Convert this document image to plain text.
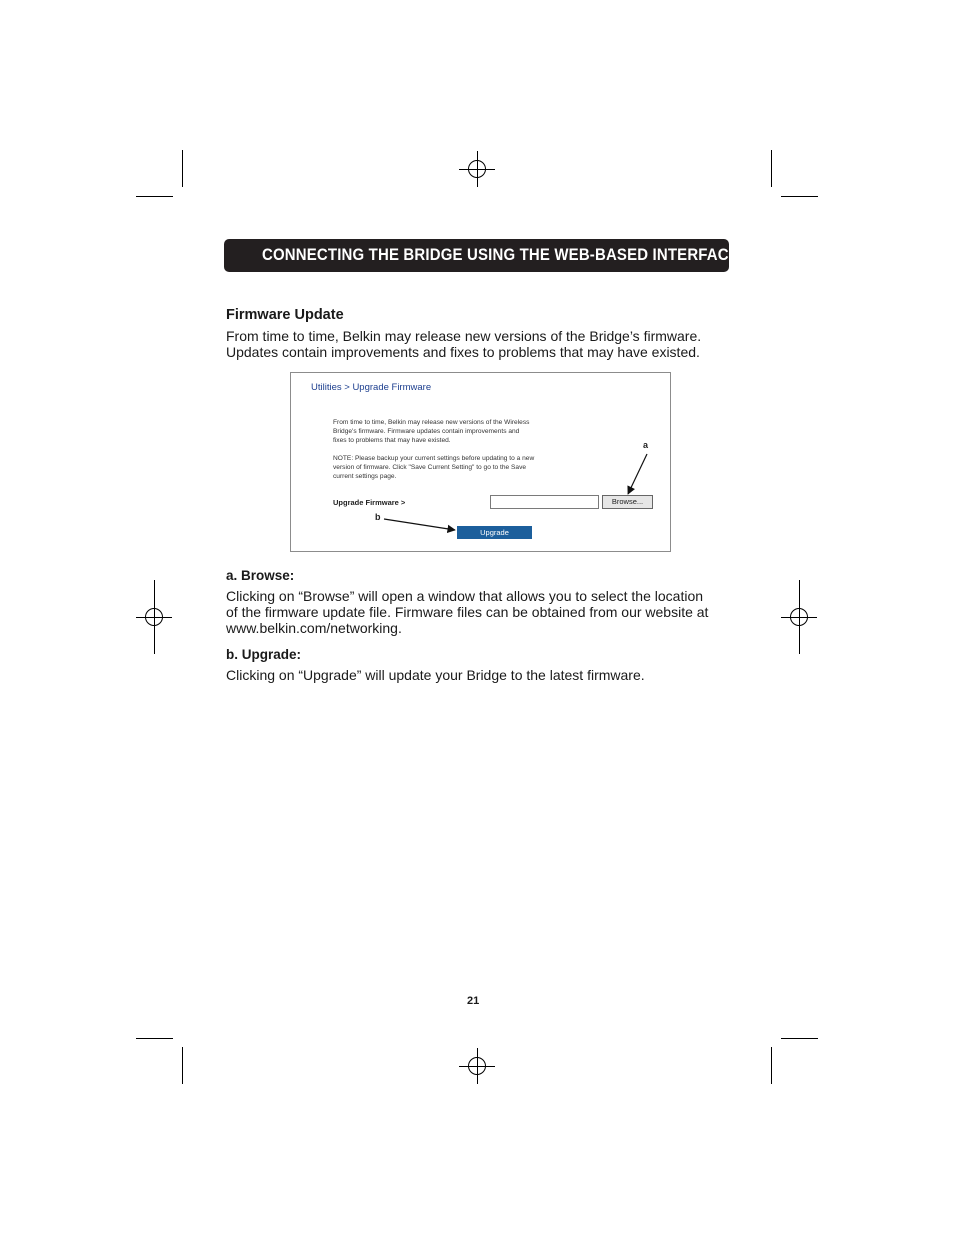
CONNECTING THE BRIDGE USING THE WEB-BASED INTERFACE
Firmware Update

From time to time, Belkin may release new versions of the Bridge’s firmware.

Updates contain improvements and fixes to problems that may have existed.

Utilities > Upgrade Firmware
From time to time, Belkin may release new versions of the Wireless
Bridge's firmware. Firmware updates contain improvements and
fixes to problems that may have existed.
NOTE: Please backup your current settings before updating to a new
version of firmware. Click "Save Current Setting" to go to the Save
current settings page.
Upgrade Firmware >	Browse...
Upgrade
a
b
a. Browse:

Clicking on “Browse” will open a window that allows you to select the location

of the firmware update file. Firmware files can be obtained from our website at

www.belkin.com/networking.

b. Upgrade:

Clicking on “Upgrade” will update your Bridge to the latest firmware.

21
